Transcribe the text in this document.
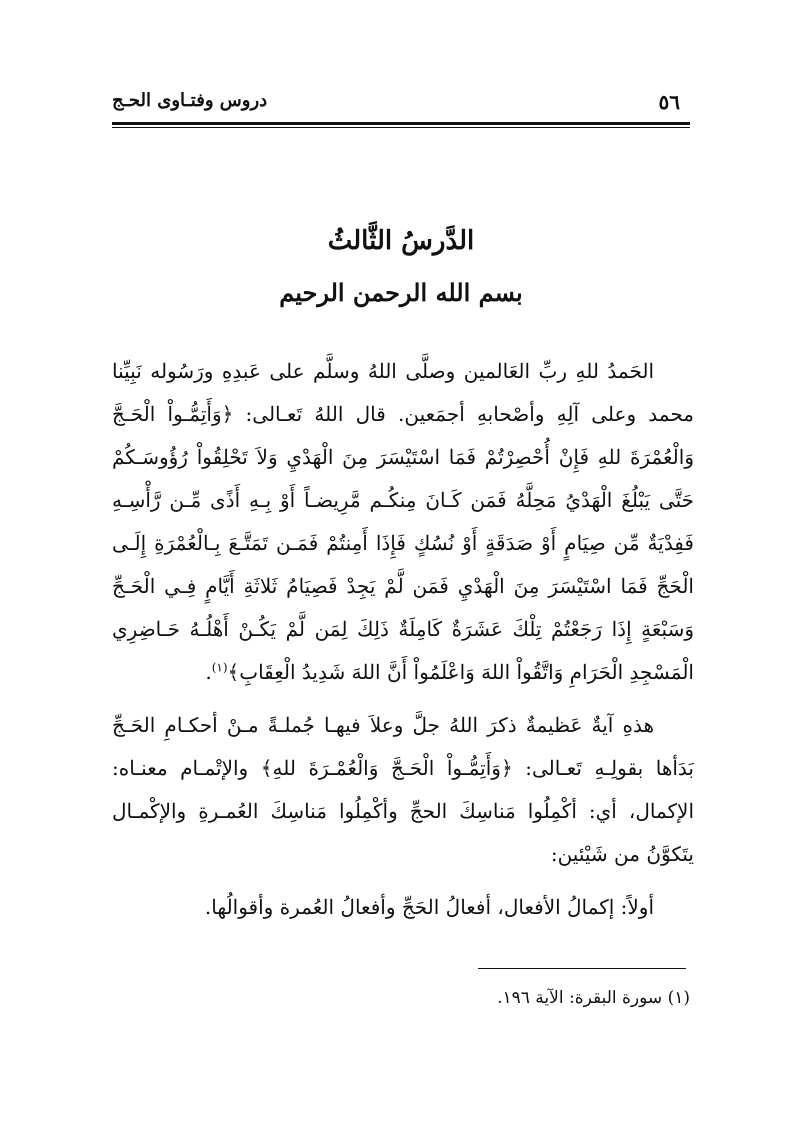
٥٦
دروس وفتـاوى الحـج
الدَّرسُ الثَّالثُ
بسم الله الرحمن الرحيم

الحَمدُ للهِ ربِّ العَالمين وصلَّى اللهُ وسلَّم على عَبدِهِ ورَسُوله نَبِيِّنا محمد وعلى آلِهِ وأصْحابهِ أجمَعين. قال اللهُ تَعـالى: ﴿وَأَتِمُّـواْ الْحَـجَّ وَالْعُمْرَةَ للهِ فَإِنْ أُحْصِرْتُمْ فَمَا اسْتَيْسَرَ مِنَ الْهَدْيِ وَلاَ تَحْلِقُواْ رُؤُوسَـكُمْ حَتَّى يَبْلُغَ الْهَدْيُ مَحِلَّهُ فَمَن كَـانَ مِنكُـم مَّرِيضـاً أَوْ بِـهِ أَذًى مِّـن رَّأْسِـهِ فَفِدْيَةٌ مِّن صِيَامٍ أَوْ صَدَقَةٍ أَوْ نُسُكٍ فَإِذَا أَمِنتُمْ فَمَـن تَمَتَّـعَ بِـالْعُمْرَةِ إِلَـى الْحَجِّ فَمَا اسْتَيْسَرَ مِنَ الْهَدْيِ فَمَن لَّمْ يَجِدْ فَصِيَامُ ثَلاثَةِ أَيَّامٍ فِـي الْحَـجِّ وَسَبْعَةٍ إِذَا رَجَعْتُمْ تِلْكَ عَشَرَةٌ كَامِلَةٌ ذَلِكَ لِمَن لَّمْ يَكُـنْ أَهْلُـهُ حَـاضِرِي الْمَسْجِدِ الْحَرَامِ وَاتَّقُواْ اللهَ وَاعْلَمُواْ أَنَّ اللهَ شَدِيدُ الْعِقَابِ﴾$^{(١)}$.

هذهِ آيةٌ عَظيمةٌ ذكرَ اللهُ جلَّ وعلاَ فيهـا جُملـةً مـنْ أحكـامِ الحَـجِّ بَدَأها بقولِـهِ تَعـالى: ﴿وَأَتِمُّـواْ الْحَـجَّ وَالْعُمْـرَةَ للهِ﴾ والإتْمـام معنـاه: الإكمال، أي: أكْمِلُوا مَناسِكَ الحجِّ وأكْمِلُوا مَناسِكَ العُمـرةِ والإكْمـال يتَكوَّنُ من شَيْئين:

أولاً: إكمالُ الأفعال، أفعالُ الحَجِّ وأفعالُ العُمرة وأقوالُها.

(١) سورة البقرة: الآية ١٩٦.
